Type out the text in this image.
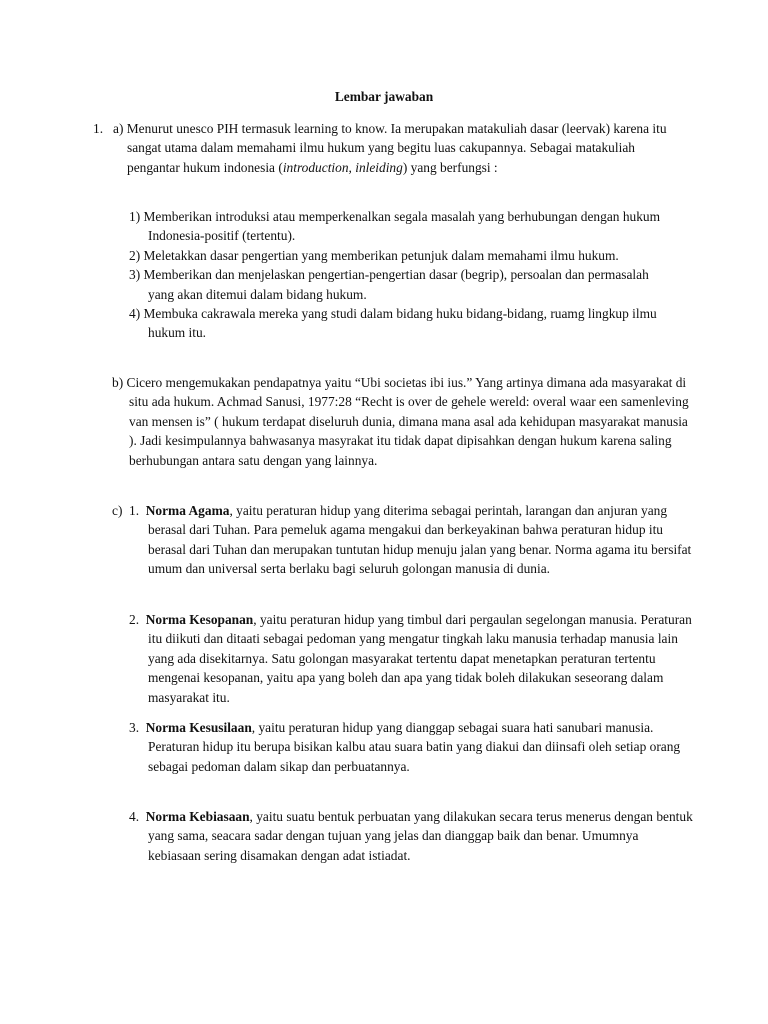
Lembar jawaban
1. a) Menurut unesco PIH termasuk learning to know. Ia merupakan matakuliah dasar (leervak) karena itu sangat utama dalam memahami ilmu hukum yang begitu luas cakupannya. Sebagai matakuliah pengantar hukum indonesia (introduction, inleiding) yang berfungsi :
1) Memberikan introduksi atau memperkenalkan segala masalah yang berhubungan dengan hukum Indonesia-positif (tertentu).
2) Meletakkan dasar pengertian yang memberikan petunjuk dalam memahami ilmu hukum.
3) Memberikan dan menjelaskan pengertian-pengertian dasar (begrip), persoalan dan permasalah yang akan ditemui dalam bidang hukum.
4) Membuka cakrawala mereka yang studi dalam bidang huku bidang-bidang, ruamg lingkup ilmu hukum itu.
b) Cicero mengemukakan pendapatnya yaitu “Ubi societas ibi ius.” Yang artinya dimana ada masyarakat di situ ada hukum. Achmad Sanusi, 1977:28 “Recht is over de gehele wereld: overal waar een samenleving van mensen is” ( hukum terdapat diseluruh dunia, dimana mana asal ada kehidupan masyarakat manusia ). Jadi kesimpulannya bahwasanya masyrakat itu tidak dapat dipisahkan dengan hukum karena saling berhubungan antara satu dengan yang lainnya.
c) 1. Norma Agama, yaitu peraturan hidup yang diterima sebagai perintah, larangan dan anjuran yang berasal dari Tuhan. Para pemeluk agama mengakui dan berkeyakinan bahwa peraturan hidup itu berasal dari Tuhan dan merupakan tuntutan hidup menuju jalan yang benar. Norma agama itu bersifat umum dan universal serta berlaku bagi seluruh golongan manusia di dunia.
2. Norma Kesopanan, yaitu peraturan hidup yang timbul dari pergaulan segelongan manusia. Peraturan itu diikuti dan ditaati sebagai pedoman yang mengatur tingkah laku manusia terhadap manusia lain yang ada disekitarnya. Satu golongan masyarakat tertentu dapat menetapkan peraturan tertentu mengenai kesopanan, yaitu apa yang boleh dan apa yang tidak boleh dilakukan seseorang dalam masyarakat itu.
3. Norma Kesusilaan, yaitu peraturan hidup yang dianggap sebagai suara hati sanubari manusia. Peraturan hidup itu berupa bisikan kalbu atau suara batin yang diakui dan diinsafi oleh setiap orang sebagai pedoman dalam sikap dan perbuatannya.
4. Norma Kebiasaan, yaitu suatu bentuk perbuatan yang dilakukan secara terus menerus dengan bentuk yang sama, seacara sadar dengan tujuan yang jelas dan dianggap baik dan benar. Umumnya kebiasaan sering disamakan dengan adat istiadat.
